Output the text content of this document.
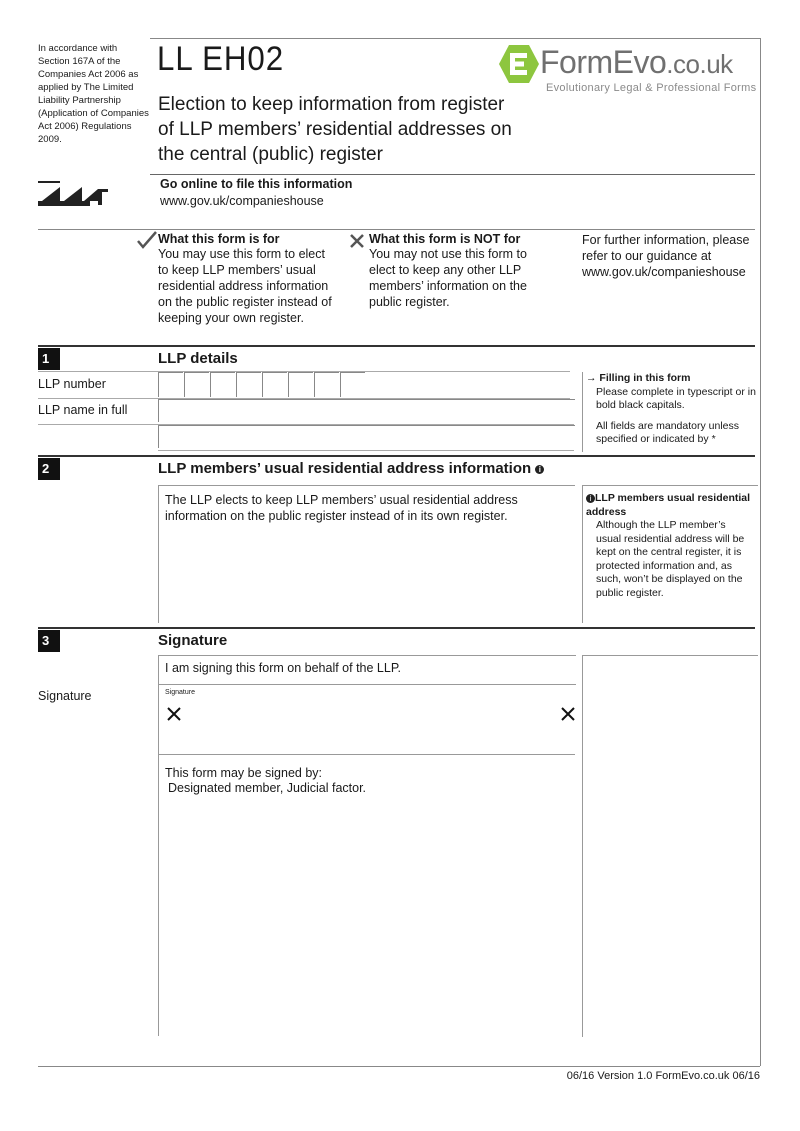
In accordance with Section 167A of the Companies Act 2006 as applied by The Limited Liability Partnership (Application of Companies Act 2006) Regulations 2009.
LL EH02
Election to keep information from register
of LLP members’ residential addresses on
the central (public) register
FormEvo.co.uk
Evolutionary Legal & Professional Forms
Go online to file this information
www.gov.uk/companieshouse
What this form is for
You may use this form to elect
to keep LLP members’ usual
residential address information
on the public register instead of
keeping your own register.
What this form is NOT for
You may not use this form to
elect to keep any other LLP
members’ information on the
public register.
For further information, please
refer to our guidance at
www.gov.uk/companieshouse
1	LLP details
LLP number
LLP name in full
→ Filling in this form
Please complete in typescript or in bold black capitals.
All fields are mandatory unless specified or indicated by *
2	LLP members’ usual residential address information i
The LLP elects to keep LLP members’ usual residential address information on the public register instead of in its own register.
i LLP members usual residential address
Although the LLP member’s usual residential address will be kept on the central register, it is protected information and, as such, won’t be displayed on the public register.
3	Signature
I am signing this form on behalf of the LLP.
Signature	Signature
This form may be signed by:
Designated member, Judicial factor.
06/16 Version 1.0 FormEvo.co.uk 06/16
